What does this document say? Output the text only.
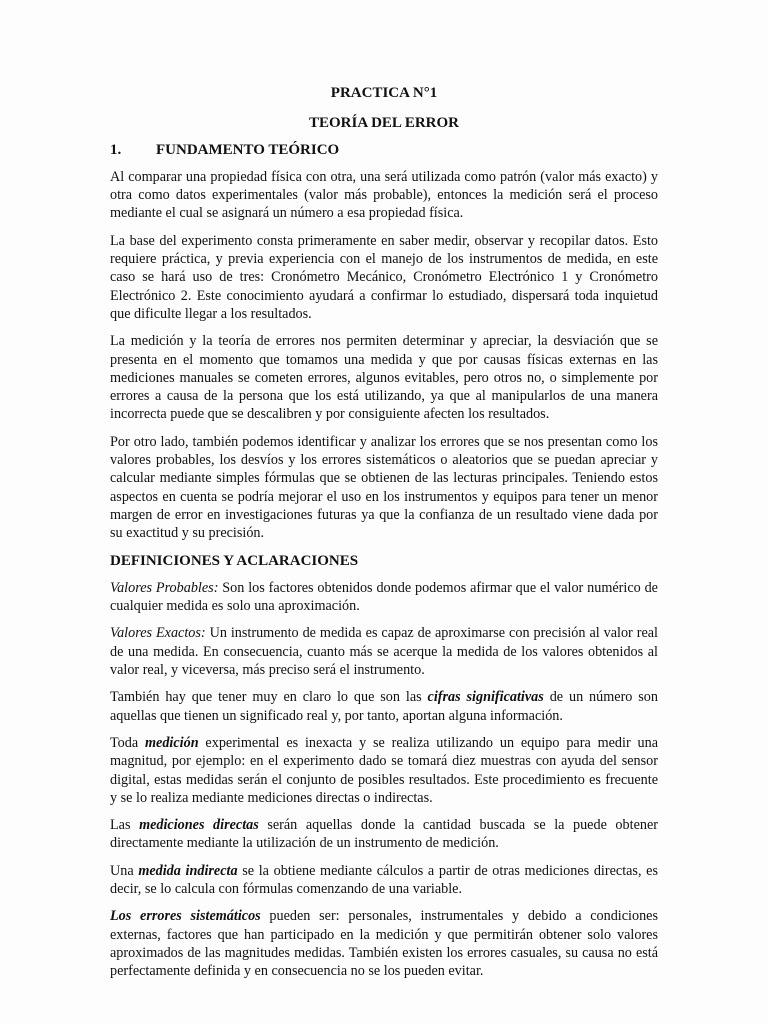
PRACTICA N°1
TEORÍA DEL ERROR
1.	FUNDAMENTO TEÓRICO

Al comparar una propiedad física con otra, una será utilizada como patrón (valor más exacto) y otra como datos experimentales (valor más probable), entonces la medición será el proceso mediante el cual se asignará un número a esa propiedad física.

La base del experimento consta primeramente en saber medir, observar y recopilar datos. Esto requiere práctica, y previa experiencia con el manejo de los instrumentos de medida, en este caso se hará uso de tres: Cronómetro Mecánico, Cronómetro Electrónico 1 y Cronómetro Electrónico 2. Este conocimiento ayudará a confirmar lo estudiado, dispersará toda inquietud que dificulte llegar a los resultados.

La medición y la teoría de errores nos permiten determinar y apreciar, la desviación que se presenta en el momento que tomamos una medida y que por causas físicas externas en las mediciones manuales se cometen errores, algunos evitables, pero otros no, o simplemente por errores a causa de la persona que los está utilizando, ya que al manipularlos de una manera incorrecta puede que se descalibren y por consiguiente afecten los resultados.

Por otro lado, también podemos identificar y analizar los errores que se nos presentan como los valores probables, los desvíos y los errores sistemáticos o aleatorios que se puedan apreciar y calcular mediante simples fórmulas que se obtienen de las lecturas principales. Teniendo estos aspectos en cuenta se podría mejorar el uso en los instrumentos y equipos para tener un menor margen de error en investigaciones futuras ya que la confianza de un resultado viene dada por su exactitud y su precisión.

DEFINICIONES Y ACLARACIONES

Valores Probables: Son los factores obtenidos donde podemos afirmar que el valor numérico de cualquier medida es solo una aproximación.

Valores Exactos: Un instrumento de medida es capaz de aproximarse con precisión al valor real de una medida. En consecuencia, cuanto más se acerque la medida de los valores obtenidos al valor real, y viceversa, más preciso será el instrumento.

También hay que tener muy en claro lo que son las cifras significativas de un número son aquellas que tienen un significado real y, por tanto, aportan alguna información.

Toda medición experimental es inexacta y se realiza utilizando un equipo para medir una magnitud, por ejemplo: en el experimento dado se tomará diez muestras con ayuda del sensor digital, estas medidas serán el conjunto de posibles resultados. Este procedimiento es frecuente y se lo realiza mediante mediciones directas o indirectas.

Las mediciones directas serán aquellas donde la cantidad buscada se la puede obtener directamente mediante la utilización de un instrumento de medición.

Una medida indirecta se la obtiene mediante cálculos a partir de otras mediciones directas, es decir, se lo calcula con fórmulas comenzando de una variable.

Los errores sistemáticos pueden ser: personales, instrumentales y debido a condiciones externas, factores que han participado en la medición y que permitirán obtener solo valores aproximados de las magnitudes medidas. También existen los errores casuales, su causa no está perfectamente definida y en consecuencia no se los pueden evitar.
